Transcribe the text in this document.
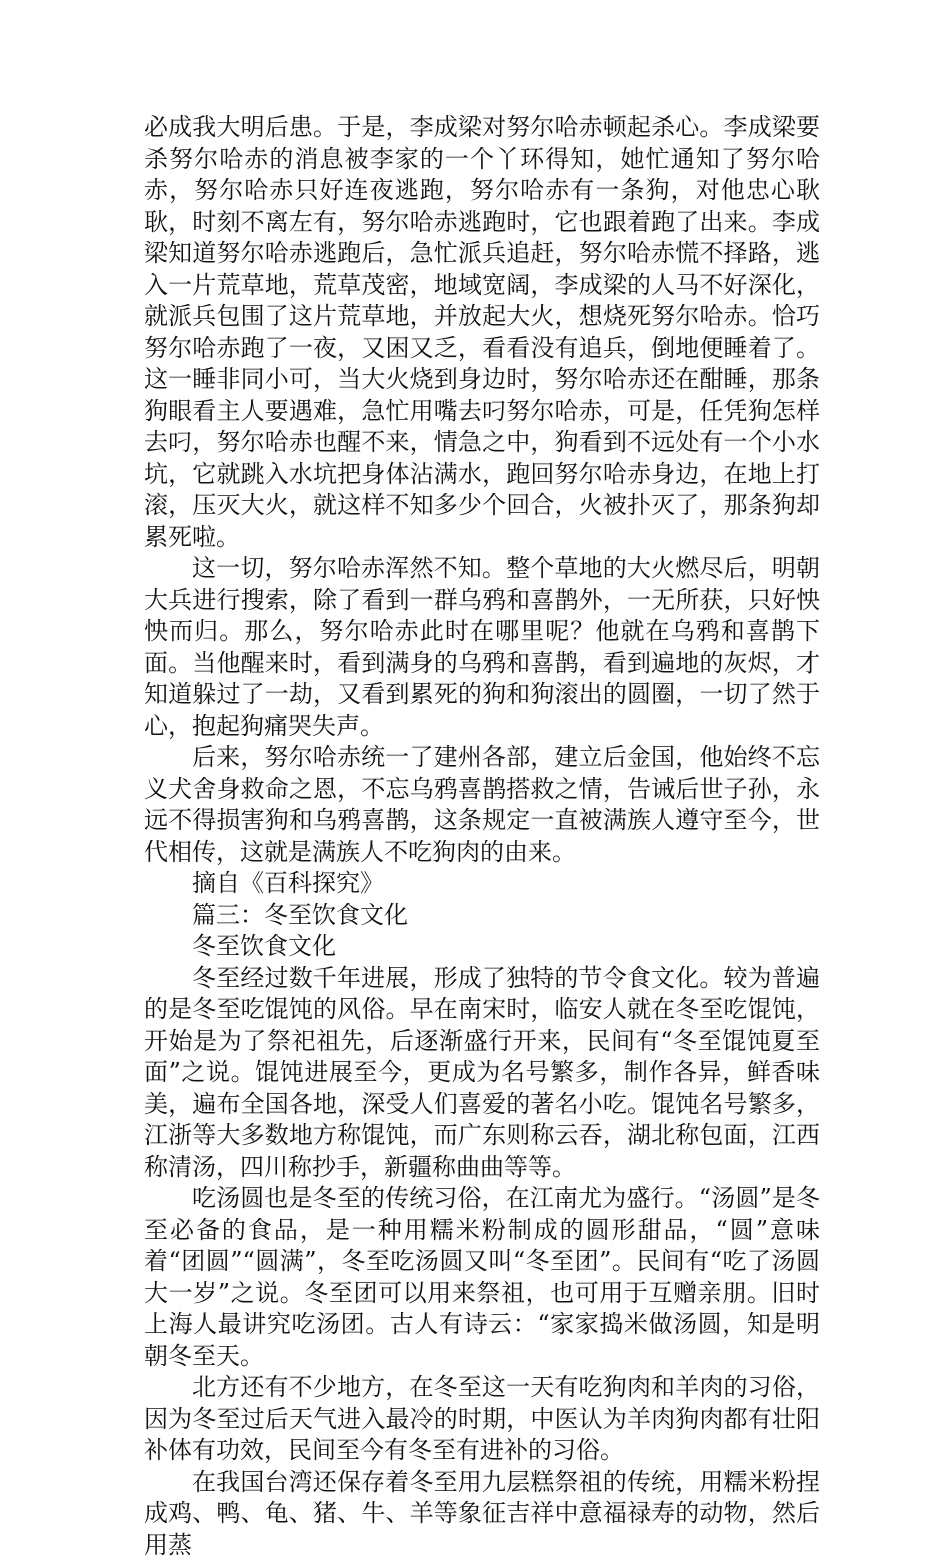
必成我大明后患。于是，李成梁对努尔哈赤顿起杀心。李成梁要杀努尔哈赤的消息被李家的一个丫环得知，她忙通知了努尔哈赤，努尔哈赤只好连夜逃跑，努尔哈赤有一条狗，对他忠心耿耿，时刻不离左有，努尔哈赤逃跑时，它也跟着跑了出来。李成梁知道努尔哈赤逃跑后，急忙派兵追赶，努尔哈赤慌不择路，逃入一片荒草地，荒草茂密，地域宽阔，李成梁的人马不好深化，就派兵包围了这片荒草地，并放起大火，想烧死努尔哈赤。恰巧努尔哈赤跑了一夜，又困又乏，看看没有追兵，倒地便睡着了。这一睡非同小可，当大火烧到身边时，努尔哈赤还在酣睡，那条狗眼看主人要遇难，急忙用嘴去叼努尔哈赤，可是，任凭狗怎样去叼，努尔哈赤也醒不来，情急之中，狗看到不远处有一个小水坑，它就跳入水坑把身体沾满水，跑回努尔哈赤身边，在地上打滚，压灭大火，就这样不知多少个回合，火被扑灭了，那条狗却累死啦。

这一切，努尔哈赤浑然不知。整个草地的大火燃尽后，明朝大兵进行搜索，除了看到一群乌鸦和喜鹊外，一无所获，只好怏怏而归。那么，努尔哈赤此时在哪里呢？他就在乌鸦和喜鹊下面。当他醒来时，看到满身的乌鸦和喜鹊，看到遍地的灰烬，才知道躲过了一劫，又看到累死的狗和狗滚出的圆圈，一切了然于心，抱起狗痛哭失声。

后来，努尔哈赤统一了建州各部，建立后金国，他始终不忘义犬舍身救命之恩，不忘乌鸦喜鹊搭救之情，告诫后世子孙，永远不得损害狗和乌鸦喜鹊，这条规定一直被满族人遵守至今，世代相传，这就是满族人不吃狗肉的由来。

摘自《百科探究》

篇三：冬至饮食文化

冬至饮食文化

冬至经过数千年进展，形成了独特的节令食文化。较为普遍的是冬至吃馄饨的风俗。早在南宋时，临安人就在冬至吃馄饨，开始是为了祭祀祖先，后逐渐盛行开来，民间有“冬至馄饨夏至面”之说。馄饨进展至今，更成为名号繁多，制作各异，鲜香味美，遍布全国各地，深受人们喜爱的著名小吃。馄饨名号繁多，江浙等大多数地方称馄饨，而广东则称云吞，湖北称包面，江西称清汤，四川称抄手，新疆称曲曲等等。

吃汤圆也是冬至的传统习俗，在江南尤为盛行。“汤圆”是冬至必备的食品，是一种用糯米粉制成的圆形甜品，“圆”意味着“团圆”“圆满”，冬至吃汤圆又叫“冬至团”。民间有“吃了汤圆大一岁”之说。冬至团可以用来祭祖，也可用于互赠亲朋。旧时上海人最讲究吃汤团。古人有诗云：“家家捣米做汤圆，知是明朝冬至天。

北方还有不少地方，在冬至这一天有吃狗肉和羊肉的习俗，因为冬至过后天气进入最冷的时期，中医认为羊肉狗肉都有壮阳补体有功效，民间至今有冬至有进补的习俗。

在我国台湾还保存着冬至用九层糕祭祖的传统，用糯米粉捏成鸡、鸭、龟、猪、牛、羊等象征吉祥中意福禄寿的动物，然后用蒸
